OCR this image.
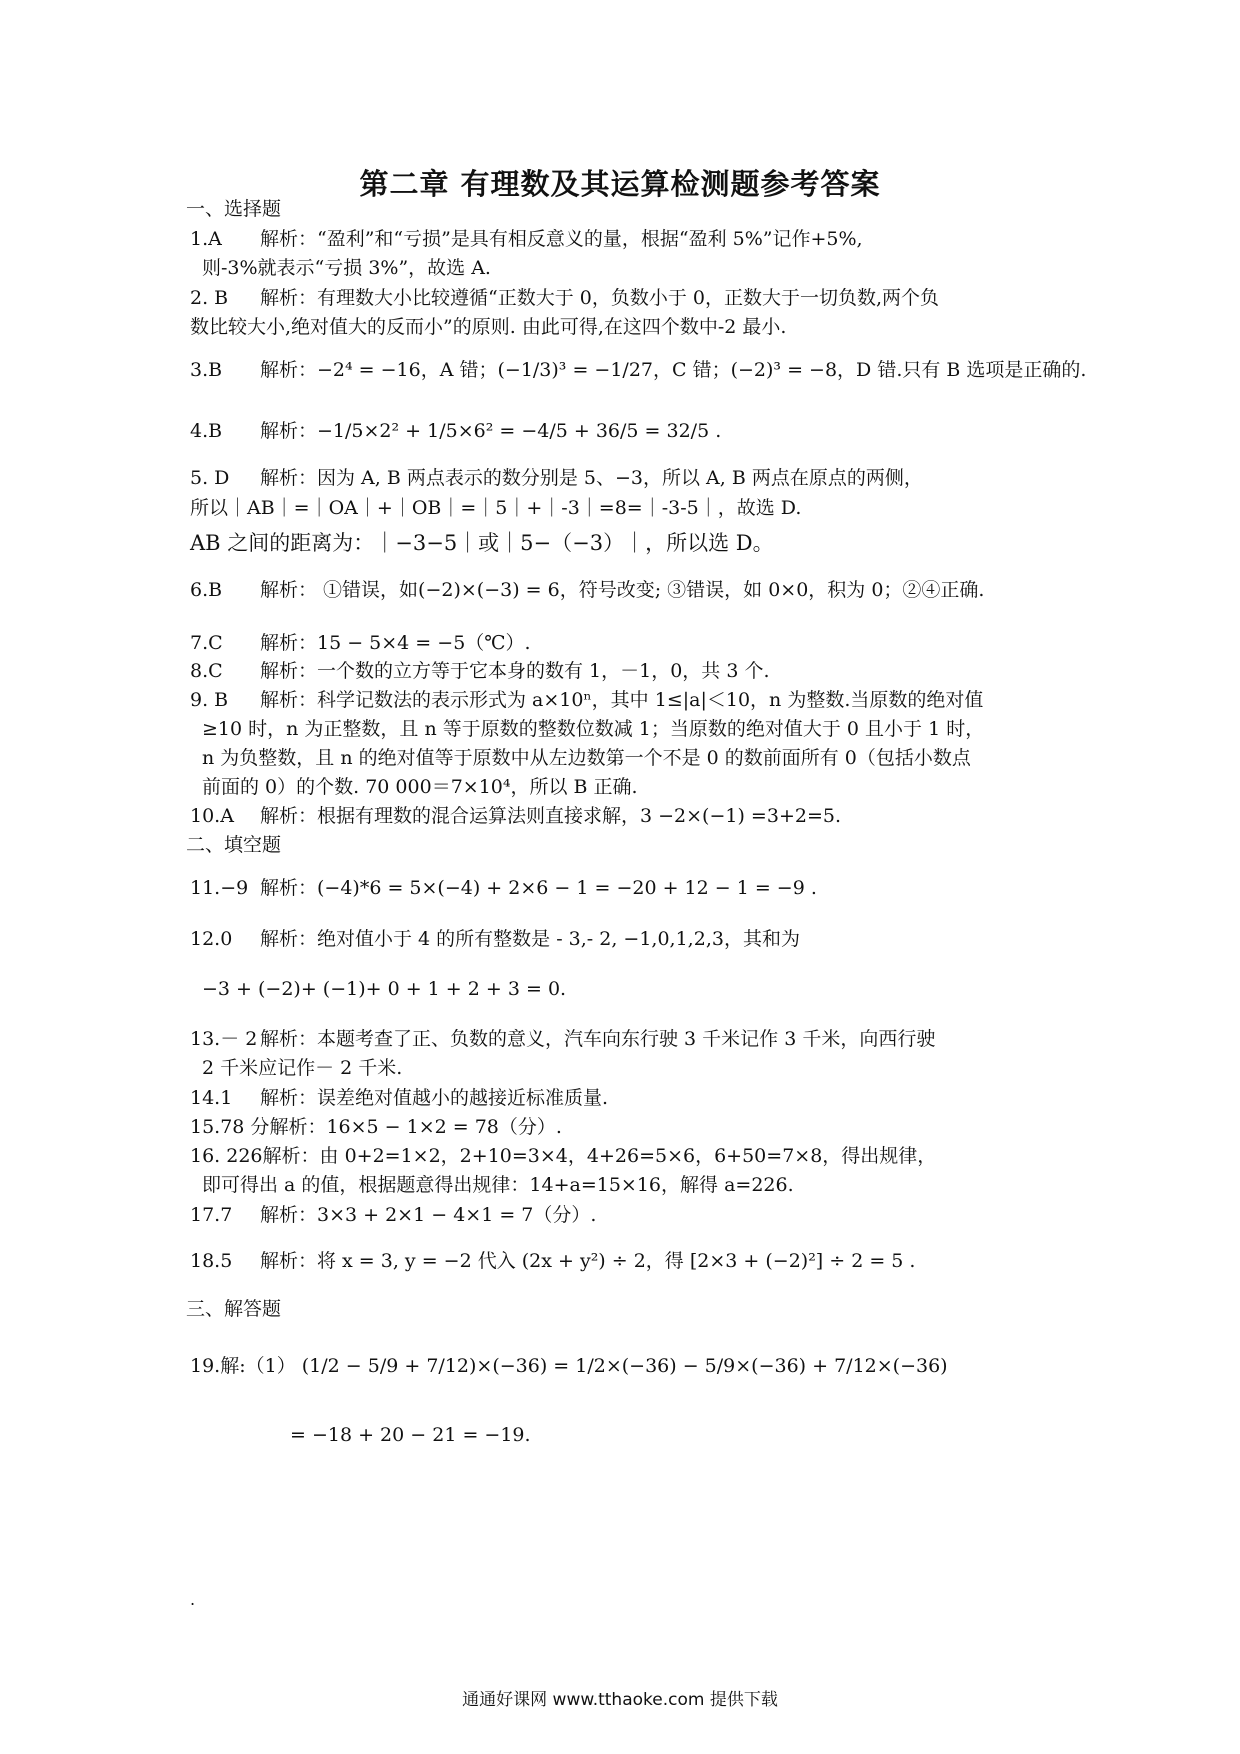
第二章 有理数及其运算检测题参考答案
一、选择题
1.A 解析：“盈利”和“亏损”是具有相反意义的量，根据“盈利 5%”记作+5%,
则-3%就表示“亏损 3%”，故选 A.
2. B 解析：有理数大小比较遵循“正数大于 0，负数小于 0，正数大于一切负数,两个负
数比较大小,绝对值大的反而小”的原则. 由此可得,在这四个数中-2 最小.
3.B 解析：−2⁴ = −16，A 错；(−1/3)³ = −1/27，C 错；(−2)³ = −8，D 错.只有 B 选项是正确的.
4.B 解析：−1/5×2² + 1/5×6² = −4/5 + 36/5 = 32/5 .
5. D 解析：因为 A, B 两点表示的数分别是 5、−3，所以 A, B 两点在原点的两侧，
所以｜AB｜=｜OA｜+｜OB｜=｜5｜+｜-3｜=8=｜-3-5｜，故选 D.
AB 之间的距离为：｜−3−5｜或｜5−（−3）｜，所以选 D。
6.B 解析： ①错误，如(−2)×(−3) = 6，符号改变; ③错误，如 0×0，积为 0；②④正确.
7.C 解析：15 − 5×4 = −5（℃）.
8.C 解析：一个数的立方等于它本身的数有 1，－1，0，共 3 个.
9. B 解析：科学记数法的表示形式为 a×10ⁿ，其中 1≤|a|＜10，n 为整数.当原数的绝对值
≥10 时，n 为正整数，且 n 等于原数的整数位数减 1；当原数的绝对值大于 0 且小于 1 时，
n 为负整数，且 n 的绝对值等于原数中从左边数第一个不是 0 的数前面所有 0（包括小数点
前面的 0）的个数. 70 000＝7×10⁴，所以 B 正确.
10.A 解析：根据有理数的混合运算法则直接求解，3 −2×(−1) =3+2=5.
二、填空题
11.−9 解析：(−4)*6 = 5×(−4) + 2×6 − 1 = −20 + 12 − 1 = −9 .
12.0 解析：绝对值小于 4 的所有整数是 - 3,- 2, −1,0,1,2,3，其和为
−3 + (−2)+ (−1)+ 0 + 1 + 2 + 3 = 0.
13.－ 2 解析：本题考查了正、负数的意义，汽车向东行驶 3 千米记作 3 千米，向西行驶
2 千米应记作－ 2 千米.
14.1 解析：误差绝对值越小的越接近标准质量.
15.78 分解析：16×5 − 1×2 = 78（分）.
16. 226解析：由 0+2=1×2，2+10=3×4，4+26=5×6，6+50=7×8，得出规律，
即可得出 a 的值，根据题意得出规律：14+a=15×16，解得 a=226.
17.7 解析：3×3 + 2×1 − 4×1 = 7（分）.
18.5 解析：将 x = 3, y = −2 代入 (2x + y²) ÷ 2，得 [2×3 + (−2)²] ÷ 2 = 5 .
三、解答题
19.解:（1） (1/2 − 5/9 + 7/12)×(−36) = 1/2×(−36) − 5/9×(−36) + 7/12×(−36)
= −18 + 20 − 21 = −19.
.
通通好课网 www.tthaoke.com 提供下载
